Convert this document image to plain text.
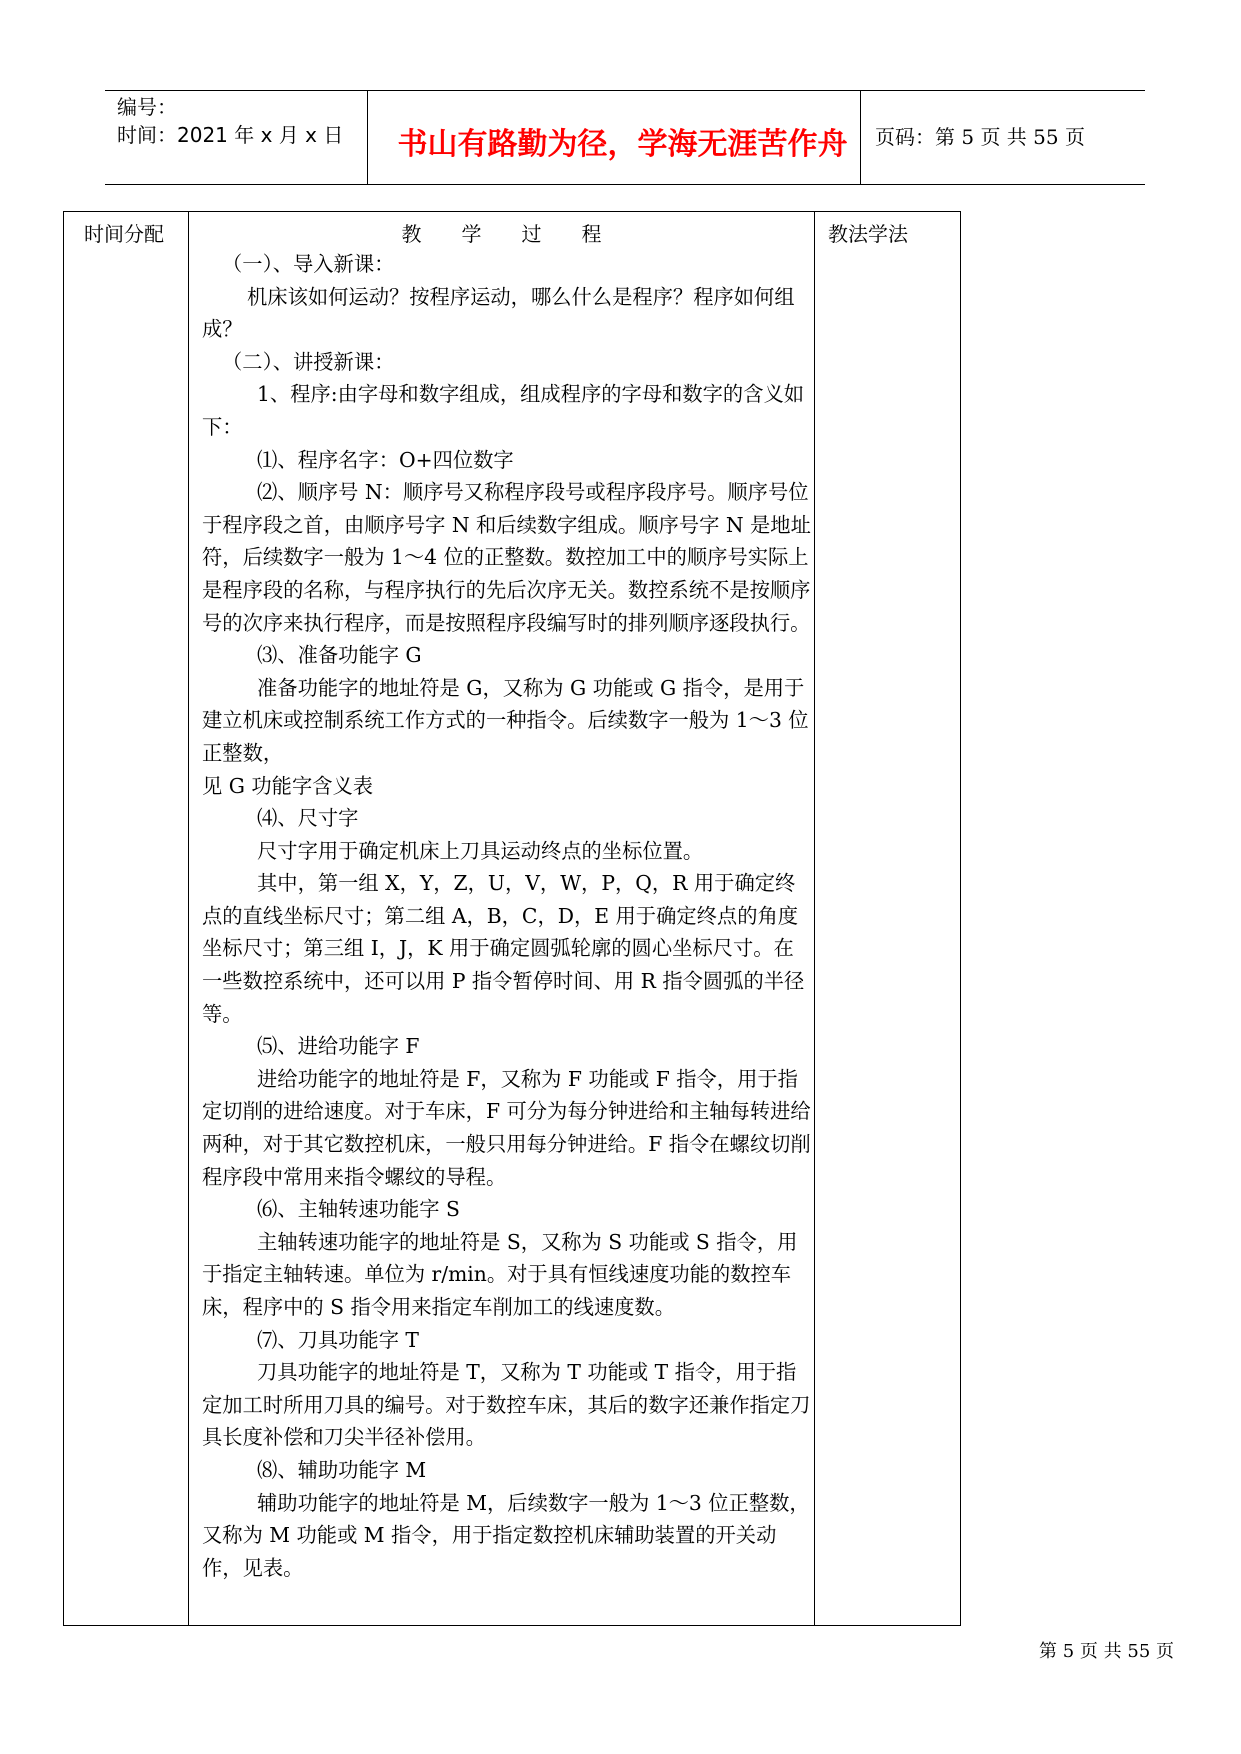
编号：
时间：2021 年 x 月 x 日	书山有路勤为径，学海无涯苦作舟	页码：第 5 页 共 55 页
时间分配	教　　学　　过　　程	教法学法

（一）、导入新课：

机床该如何运动？按程序运动，哪么什么是程序？程序如何组成？

（二）、讲授新课：

1、程序:由字母和数字组成，组成程序的字母和数字的含义如下：

⑴、程序名字：O+四位数字

⑵、顺序号 N：顺序号又称程序段号或程序段序号。顺序号位于程序段之首，由顺序号字 N 和后续数字组成。顺序号字 N 是地址符，后续数字一般为 1～4 位的正整数。数控加工中的顺序号实际上是程序段的名称，与程序执行的先后次序无关。数控系统不是按顺序号的次序来执行程序，而是按照程序段编写时的排列顺序逐段执行。

⑶、准备功能字 G

准备功能字的地址符是 G，又称为 G 功能或 G 指令，是用于建立机床或控制系统工作方式的一种指令。后续数字一般为 1～3 位正整数，

见 G 功能字含义表

⑷、尺寸字

尺寸字用于确定机床上刀具运动终点的坐标位置。

其中，第一组 X，Y，Z，U，V，W，P，Q，R 用于确定终点的直线坐标尺寸；第二组 A，B，C，D，E 用于确定终点的角度坐标尺寸；第三组 I，J，K 用于确定圆弧轮廓的圆心坐标尺寸。在一些数控系统中，还可以用 P 指令暂停时间、用 R 指令圆弧的半径等。

⑸、进给功能字 F

进给功能字的地址符是 F，又称为 F 功能或 F 指令，用于指定切削的进给速度。对于车床，F 可分为每分钟进给和主轴每转进给两种，对于其它数控机床，一般只用每分钟进给。F 指令在螺纹切削程序段中常用来指令螺纹的导程。

⑹、主轴转速功能字 S

主轴转速功能字的地址符是 S，又称为 S 功能或 S 指令，用于指定主轴转速。单位为 r/min。对于具有恒线速度功能的数控车床，程序中的 S 指令用来指定车削加工的线速度数。

⑺、刀具功能字 T

刀具功能字的地址符是 T，又称为 T 功能或 T 指令，用于指定加工时所用刀具的编号。对于数控车床，其后的数字还兼作指定刀具长度补偿和刀尖半径补偿用。

⑻、辅助功能字 M

辅助功能字的地址符是 M，后续数字一般为 1～3 位正整数，又称为 M 功能或 M 指令，用于指定数控机床辅助装置的开关动作，见表。

第 5 页 共 55 页
